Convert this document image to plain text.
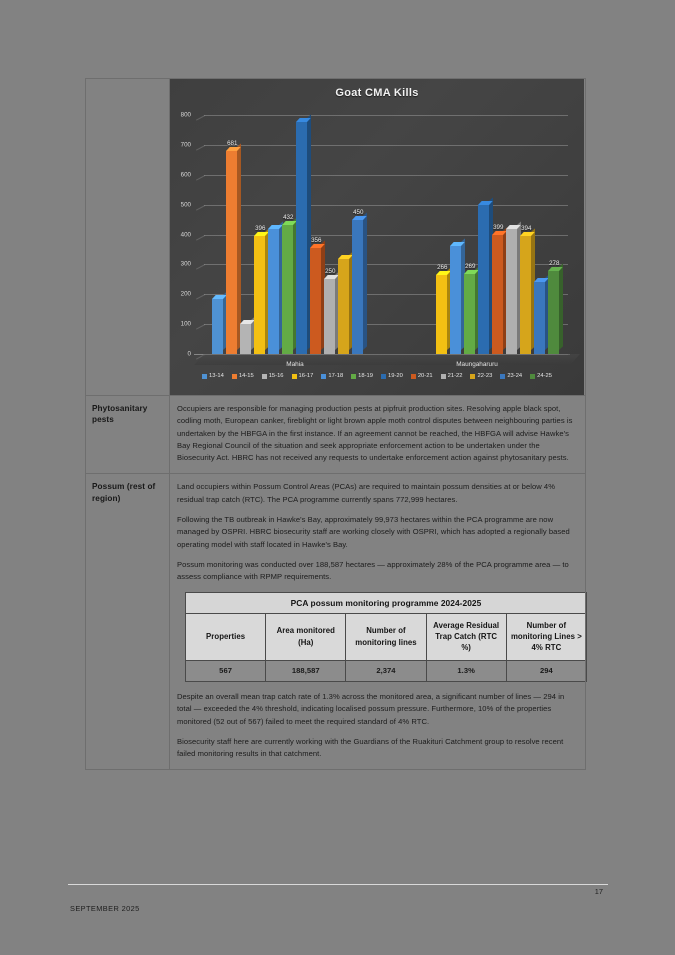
Goat CMA Kills
0
100
200
300
400
500
600
700
800
681
396
432
356
250
450
266	269
399	394
278
Mahia	Maungaharuru
13-14	14-15	15-16	16-17	17-18	18-19	19-20	20-21	21-22	22-23	23-24	24-25

Phytosanitary pests

Occupiers are responsible for managing production pests at pipfruit production sites. Resolving apple black spot, codling moth, European canker, fireblight or light brown apple moth control disputes between neighbouring parties is undertaken by the HBFGA in the first instance. If an agreement cannot be reached, the HBFGA will advise Hawke's Bay Regional Council of the situation and seek appropriate enforcement action to be undertaken under the Biosecurity Act. HBRC has not received any requests to undertake enforcement action against phytosanitary pests.

Possum (rest of region)

Land occupiers within Possum Control Areas (PCAs) are required to maintain possum densities at or below 4% residual trap catch (RTC). The PCA programme currently spans 772,999 hectares.

Following the TB outbreak in Hawke's Bay, approximately 99,973 hectares within the PCA programme are now managed by OSPRI. HBRC biosecurity staff are working closely with OSPRI, which has adopted a regionally based operating model with staff located in Hawke's Bay.

Possum monitoring was conducted over 188,587 hectares — approximately 28% of the PCA programme area — to assess compliance with RPMP requirements.

PCA possum monitoring programme 2024-2025
Properties	Area monitored (Ha)	Number of monitoring lines	Average Residual Trap Catch (RTC %)	Number of monitoring Lines > 4% RTC
567	188,587	2,374	1.3%	294

Despite an overall mean trap catch rate of 1.3% across the monitored area, a significant number of lines — 294 in total — exceeded the 4% threshold, indicating localised possum pressure. Furthermore, 10% of the properties monitored (52 out of 567) failed to meet the required standard of 4% RTC.

Biosecurity staff here are currently working with the Guardians of the Ruakituri Catchment group to resolve recent failed monitoring results in that catchment.

17
SEPTEMBER 2025
